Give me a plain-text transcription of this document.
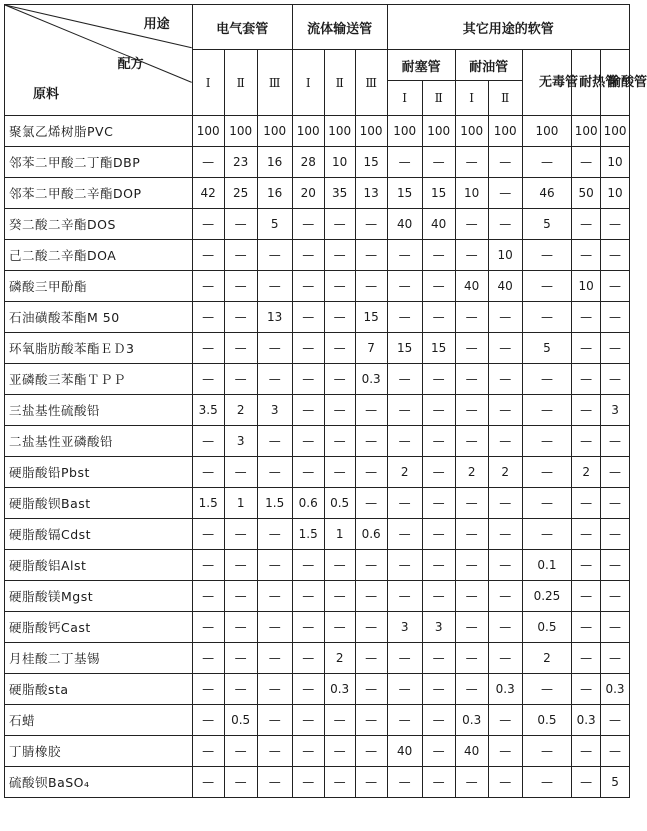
用途
配方
原料	电气套管			流体输送管			其它用途的软管						
	Ⅰ	Ⅱ	Ⅲ	Ⅰ	Ⅱ	Ⅲ	耐塞管		耐油管		无毒管	耐热管	输酸管

							Ⅰ	Ⅱ	Ⅰ	Ⅱ			
聚氯乙烯树脂PVC	100	100	100	100	100	100	100	100	100	100	100	100	100
邻苯二甲酸二丁酯DBP	—	23	16	28	10	15	—	—	—	—	—	—	10
邻苯二甲酸二辛酯DOP	42	25	16	20	35	13	15	15	10	—	46	50	10
癸二酸二辛酯DOS	—	—	5	—	—	—	40	40	—	—	5	—	—
己二酸二辛酯DOA	—	—	—	—	—	—	—	—	—	10	—	—	—
磷酸三甲酚酯	—	—	—	—	—	—	—	—	40	40	—	10	—
石油磺酸苯酯M 50	—	—	13	—	—	15	—	—	—	—	—	—	—
环氧脂肪酸苯酯ＥＤ3	—	—	—	—	—	7	15	15	—	—	5	—	—
亚磷酸三苯酯ＴＰＰ	—	—	—	—	—	0.3	—	—	—	—	—	—	—
三盐基性硫酸铅	3.5	2	3	—	—	—	—	—	—	—	—	—	3
二盐基性亚磷酸铅	—	3	—	—	—	—	—	—	—	—	—	—	—
硬脂酸铅Pbst	—	—	—	—	—	—	2	—	2	2	—	2	—
硬脂酸钡Bast	1.5	1	1.5	0.6	0.5	—	—	—	—	—	—	—	—
硬脂酸镉Cdst	—	—	—	1.5	1	0.6	—	—	—	—	—	—	—
硬脂酸铝Alst	—	—	—	—	—	—	—	—	—	—	0.1	—	—
硬脂酸镁Mgst	—	—	—	—	—	—	—	—	—	—	0.25	—	—
硬脂酸钙Cast	—	—	—	—	—	—	3	3	—	—	0.5	—	—
月桂酸二丁基锡	—	—	—	—	2	—	—	—	—	—	2	—	—
硬脂酸sta	—	—	—	—	0.3	—	—	—	—	0.3	—	—	0.3
石蜡	—	0.5	—	—	—	—	—	—	0.3	—	0.5	0.3	—
丁腈橡胶	—	—	—	—	—	—	40	—	40	—	—	—	—
硫酸钡BaSO₄	—	—	—	—	—	—	—	—	—	—	—	—	5
